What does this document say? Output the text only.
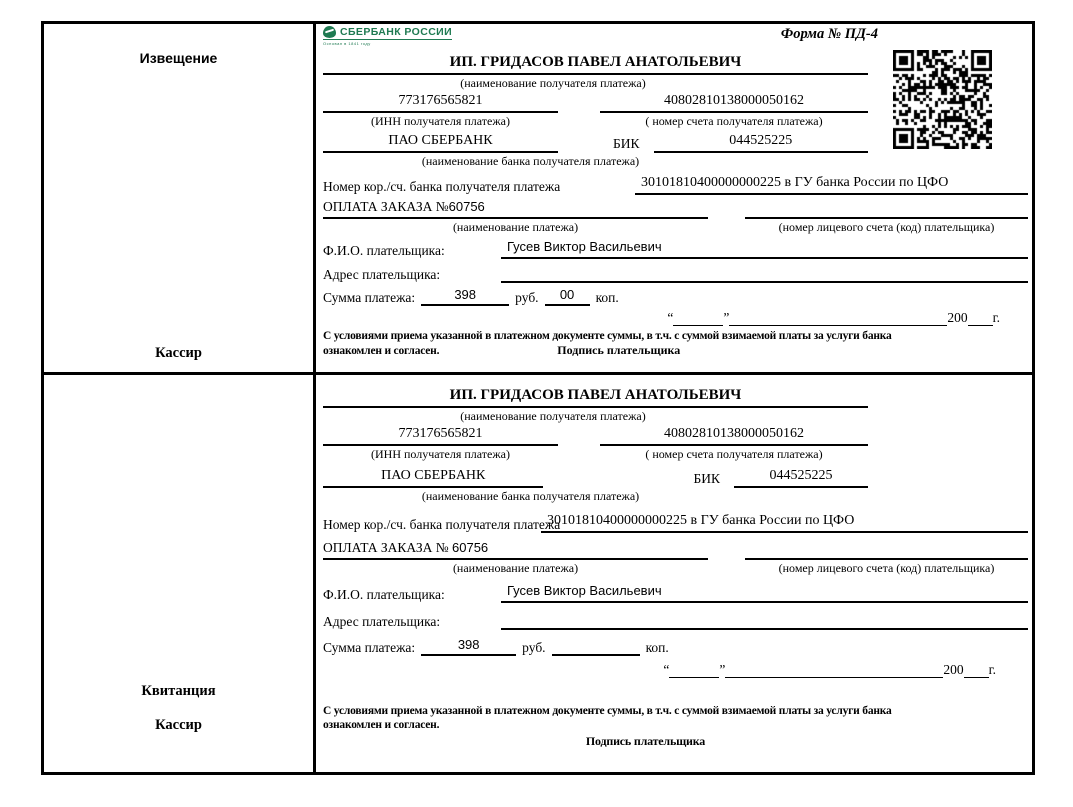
Извещение
Кассир
СБЕРБАНК РОССИИ
Основан в 1841 году
Форма № ПД-4
ИП. ГРИДАСОВ ПАВЕЛ АНАТОЛЬЕВИЧ
(наименование получателя платежа)
773176565821	40802810138000050162
(ИНН получателя платежа)	( номер счета получателя платежа)
ПАО СБЕРБАНК	БИК	044525225
(наименование банка получателя платежа)
Номер кор./сч. банка получателя платежа	30101810400000000225 в ГУ банка России по ЦФО
ОПЛАТА ЗАКАЗА №60756
(наименование платежа)	(номер лицевого счета (код) плательщика)
Ф.И.О. плательщика:	Гусев Виктор Васильевич
Адрес плательщика:
Сумма платежа:	398	руб.	00	коп.
“	”	200 г.
С условиями приема указанной в платежном документе суммы, в т.ч. с суммой взимаемой платы за услуги банка
ознакомлен и согласен.	Подпись плательщика
Квитанция
Кассир
ИП. ГРИДАСОВ ПАВЕЛ АНАТОЛЬЕВИЧ
(наименование получателя платежа)
773176565821	40802810138000050162
(ИНН получателя платежа)	( номер счета получателя платежа)
ПАО СБЕРБАНК	БИК	044525225
(наименование банка получателя платежа)
Номер кор./сч. банка получателя платежа
30101810400000000225 в ГУ банка России по ЦФО
ОПЛАТА ЗАКАЗА № 60756
(наименование платежа)	(номер лицевого счета (код) плательщика)
Ф.И.О. плательщика:	Гусев Виктор Васильевич
Адрес плательщика:
Сумма платежа:	398	руб.	коп.
“	”	200 г.
С условиями приема указанной в платежном документе суммы, в т.ч. с суммой взимаемой платы за услуги банка
ознакомлен и согласен.
Подпись плательщика
